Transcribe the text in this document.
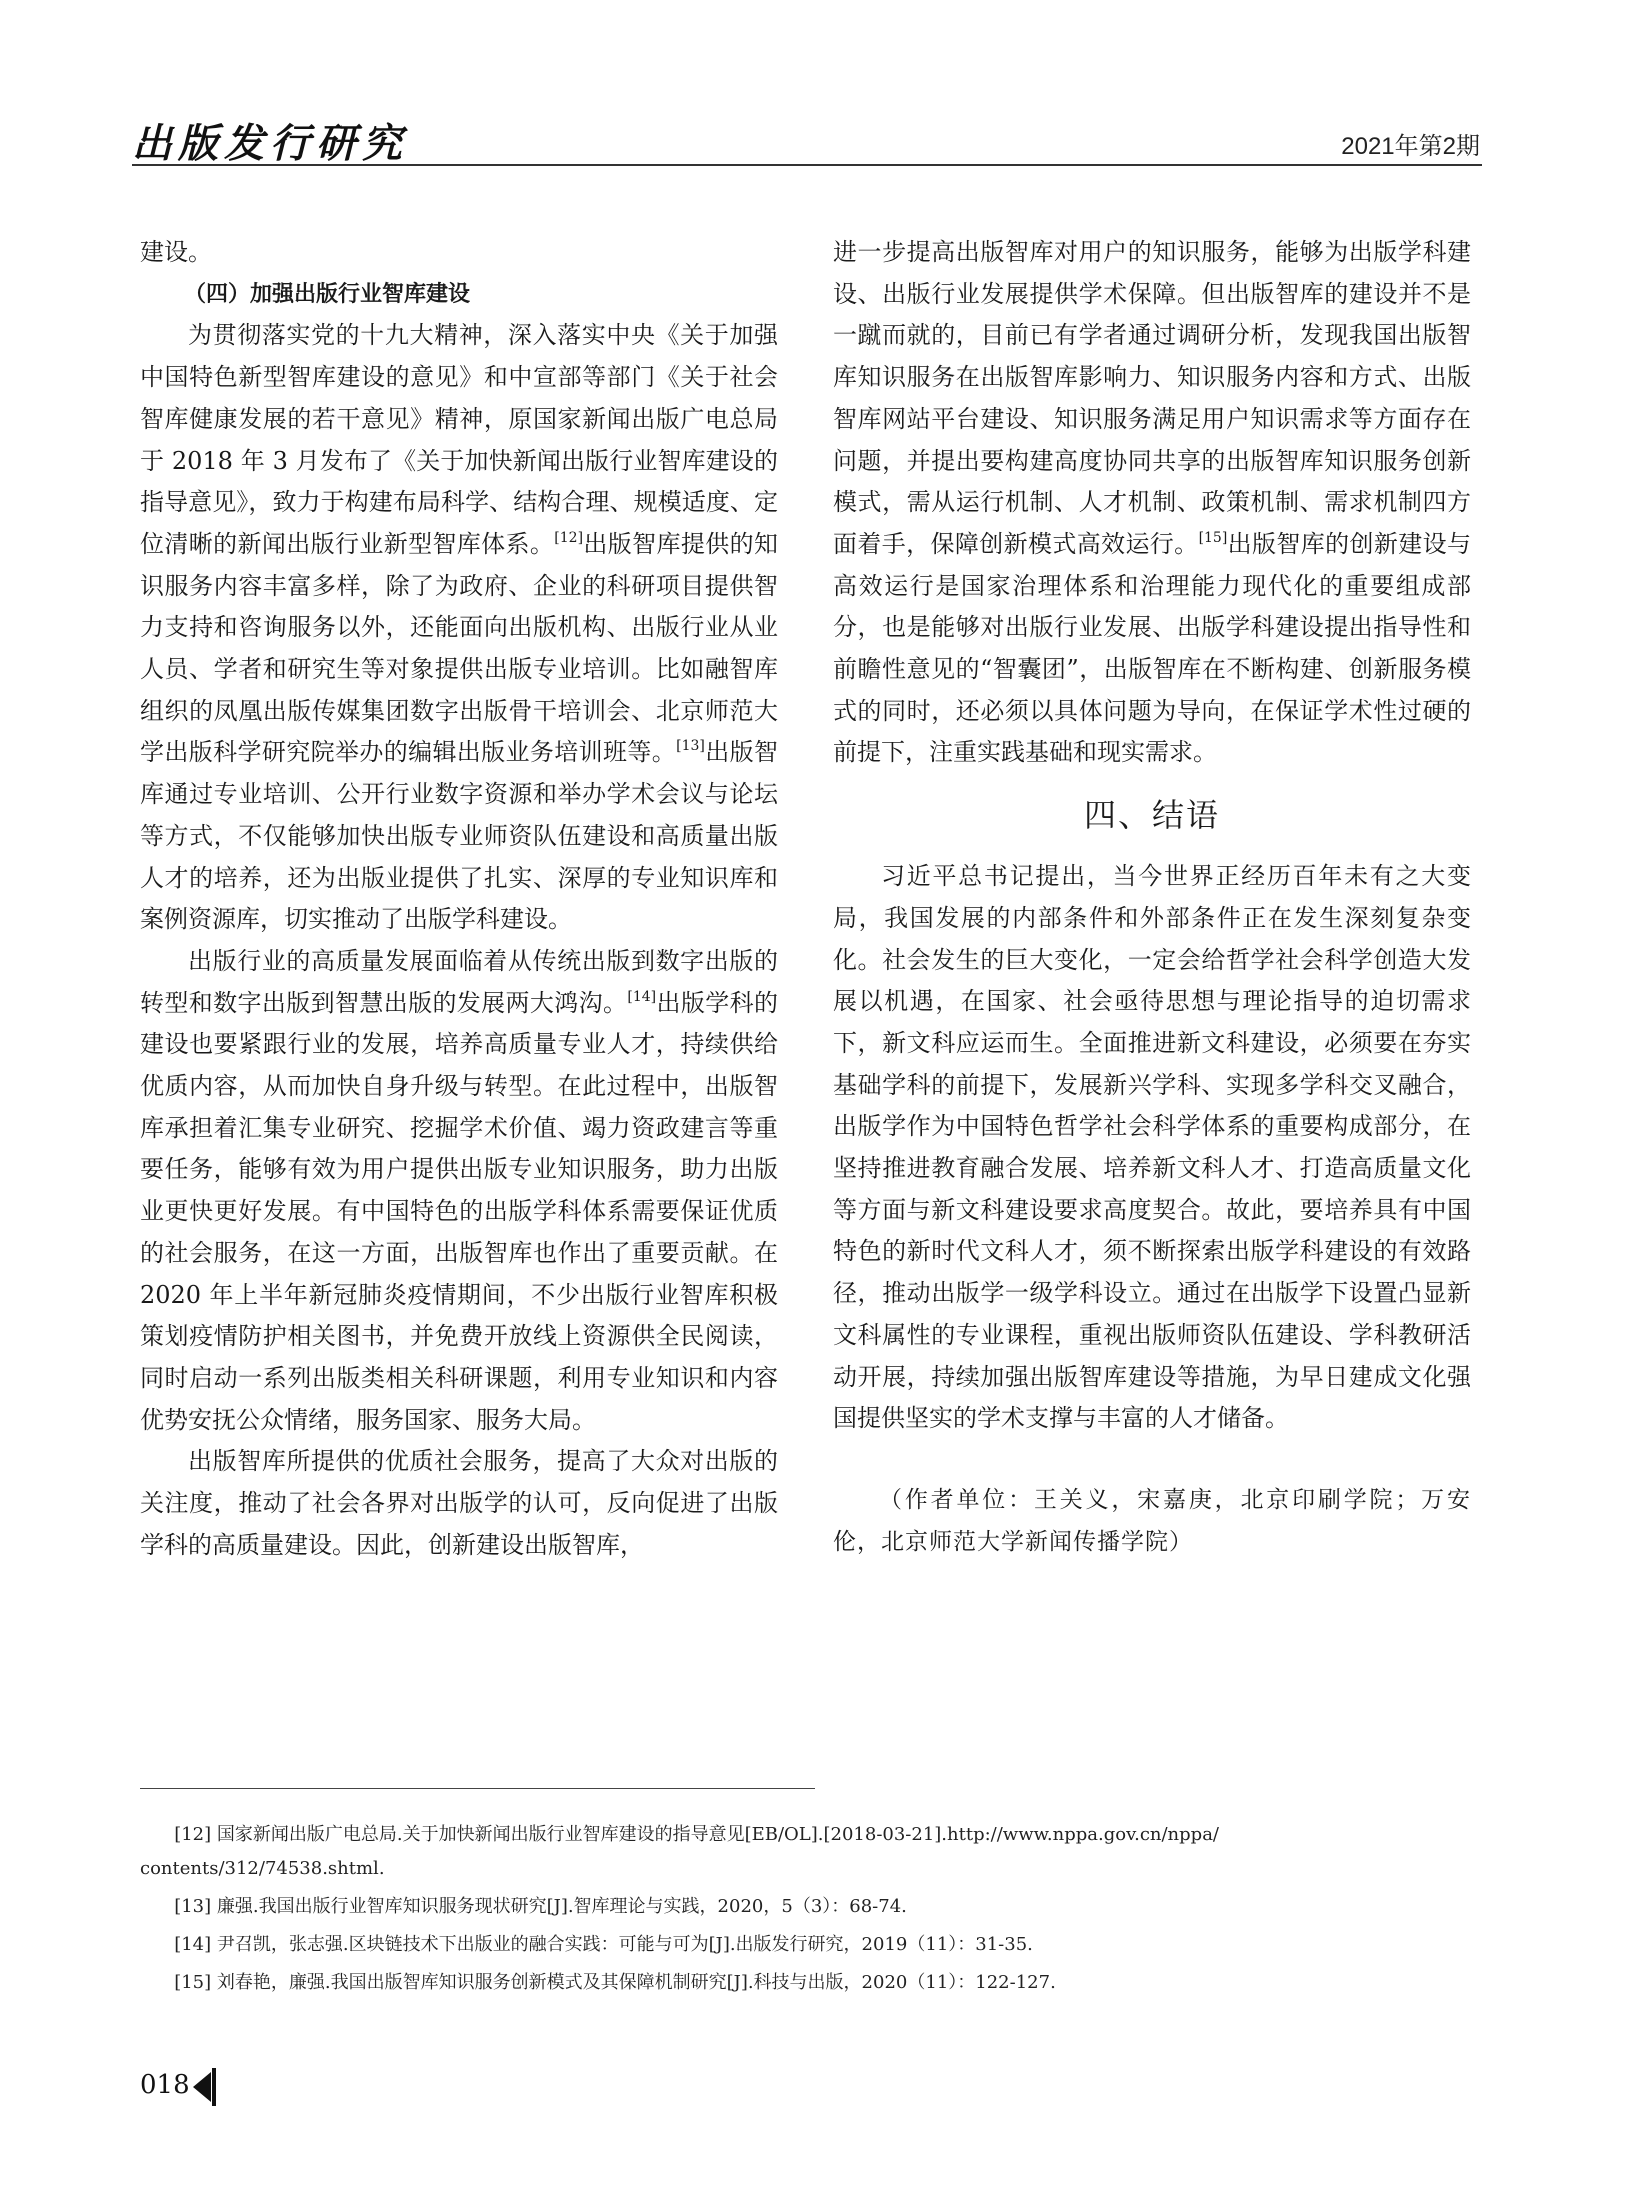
出版发行研究	2021年第2期

建设。

（四）加强出版行业智库建设

为贯彻落实党的十九大精神，深入落实中央《关于加强中国特色新型智库建设的意见》和中宣部等部门《关于社会智库健康发展的若干意见》精神，原国家新闻出版广电总局于 2018 年 3 月发布了《关于加快新闻出版行业智库建设的指导意见》，致力于构建布局科学、结构合理、规模适度、定位清晰的新闻出版行业新型智库体系。[12]出版智库提供的知识服务内容丰富多样，除了为政府、企业的科研项目提供智力支持和咨询服务以外，还能面向出版机构、出版行业从业人员、学者和研究生等对象提供出版专业培训。比如融智库组织的凤凰出版传媒集团数字出版骨干培训会、北京师范大学出版科学研究院举办的编辑出版业务培训班等。[13]出版智库通过专业培训、公开行业数字资源和举办学术会议与论坛等方式，不仅能够加快出版专业师资队伍建设和高质量出版人才的培养，还为出版业提供了扎实、深厚的专业知识库和案例资源库，切实推动了出版学科建设。

出版行业的高质量发展面临着从传统出版到数字出版的转型和数字出版到智慧出版的发展两大鸿沟。[14]出版学科的建设也要紧跟行业的发展，培养高质量专业人才，持续供给优质内容，从而加快自身升级与转型。在此过程中，出版智库承担着汇集专业研究、挖掘学术价值、竭力资政建言等重要任务，能够有效为用户提供出版专业知识服务，助力出版业更快更好发展。有中国特色的出版学科体系需要保证优质的社会服务，在这一方面，出版智库也作出了重要贡献。在 2020 年上半年新冠肺炎疫情期间，不少出版行业智库积极策划疫情防护相关图书，并免费开放线上资源供全民阅读，同时启动一系列出版类相关科研课题，利用专业知识和内容优势安抚公众情绪，服务国家、服务大局。

出版智库所提供的优质社会服务，提高了大众对出版的关注度，推动了社会各界对出版学的认可，反向促进了出版学科的高质量建设。因此，创新建设出版智库，

进一步提高出版智库对用户的知识服务，能够为出版学科建设、出版行业发展提供学术保障。但出版智库的建设并不是一蹴而就的，目前已有学者通过调研分析，发现我国出版智库知识服务在出版智库影响力、知识服务内容和方式、出版智库网站平台建设、知识服务满足用户知识需求等方面存在问题，并提出要构建高度协同共享的出版智库知识服务创新模式，需从运行机制、人才机制、政策机制、需求机制四方面着手，保障创新模式高效运行。[15]出版智库的创新建设与高效运行是国家治理体系和治理能力现代化的重要组成部分，也是能够对出版行业发展、出版学科建设提出指导性和前瞻性意见的“智囊团”，出版智库在不断构建、创新服务模式的同时，还必须以具体问题为导向，在保证学术性过硬的前提下，注重实践基础和现实需求。

四、结语

习近平总书记提出，当今世界正经历百年未有之大变局，我国发展的内部条件和外部条件正在发生深刻复杂变化。社会发生的巨大变化，一定会给哲学社会科学创造大发展以机遇，在国家、社会亟待思想与理论指导的迫切需求下，新文科应运而生。全面推进新文科建设，必须要在夯实基础学科的前提下，发展新兴学科、实现多学科交叉融合，出版学作为中国特色哲学社会科学体系的重要构成部分，在坚持推进教育融合发展、培养新文科人才、打造高质量文化等方面与新文科建设要求高度契合。故此，要培养具有中国特色的新时代文科人才，须不断探索出版学科建设的有效路径，推动出版学一级学科设立。通过在出版学下设置凸显新文科属性的专业课程，重视出版师资队伍建设、学科教研活动开展，持续加强出版智库建设等措施，为早日建成文化强国提供坚实的学术支撑与丰富的人才储备。

（作者单位：王关义，宋嘉庚，北京印刷学院；万安伦，北京师范大学新闻传播学院）

[12] 国家新闻出版广电总局.关于加快新闻出版行业智库建设的指导意见[EB/OL].[2018-03-21].http://www.nppa.gov.cn/nppa/

contents/312/74538.shtml.

[13] 廉强.我国出版行业智库知识服务现状研究[J].智库理论与实践，2020，5（3）：68-74.

[14] 尹召凯，张志强.区块链技术下出版业的融合实践：可能与可为[J].出版发行研究，2019（11）：31-35.

[15] 刘春艳，廉强.我国出版智库知识服务创新模式及其保障机制研究[J].科技与出版，2020（11）：122-127.

018
